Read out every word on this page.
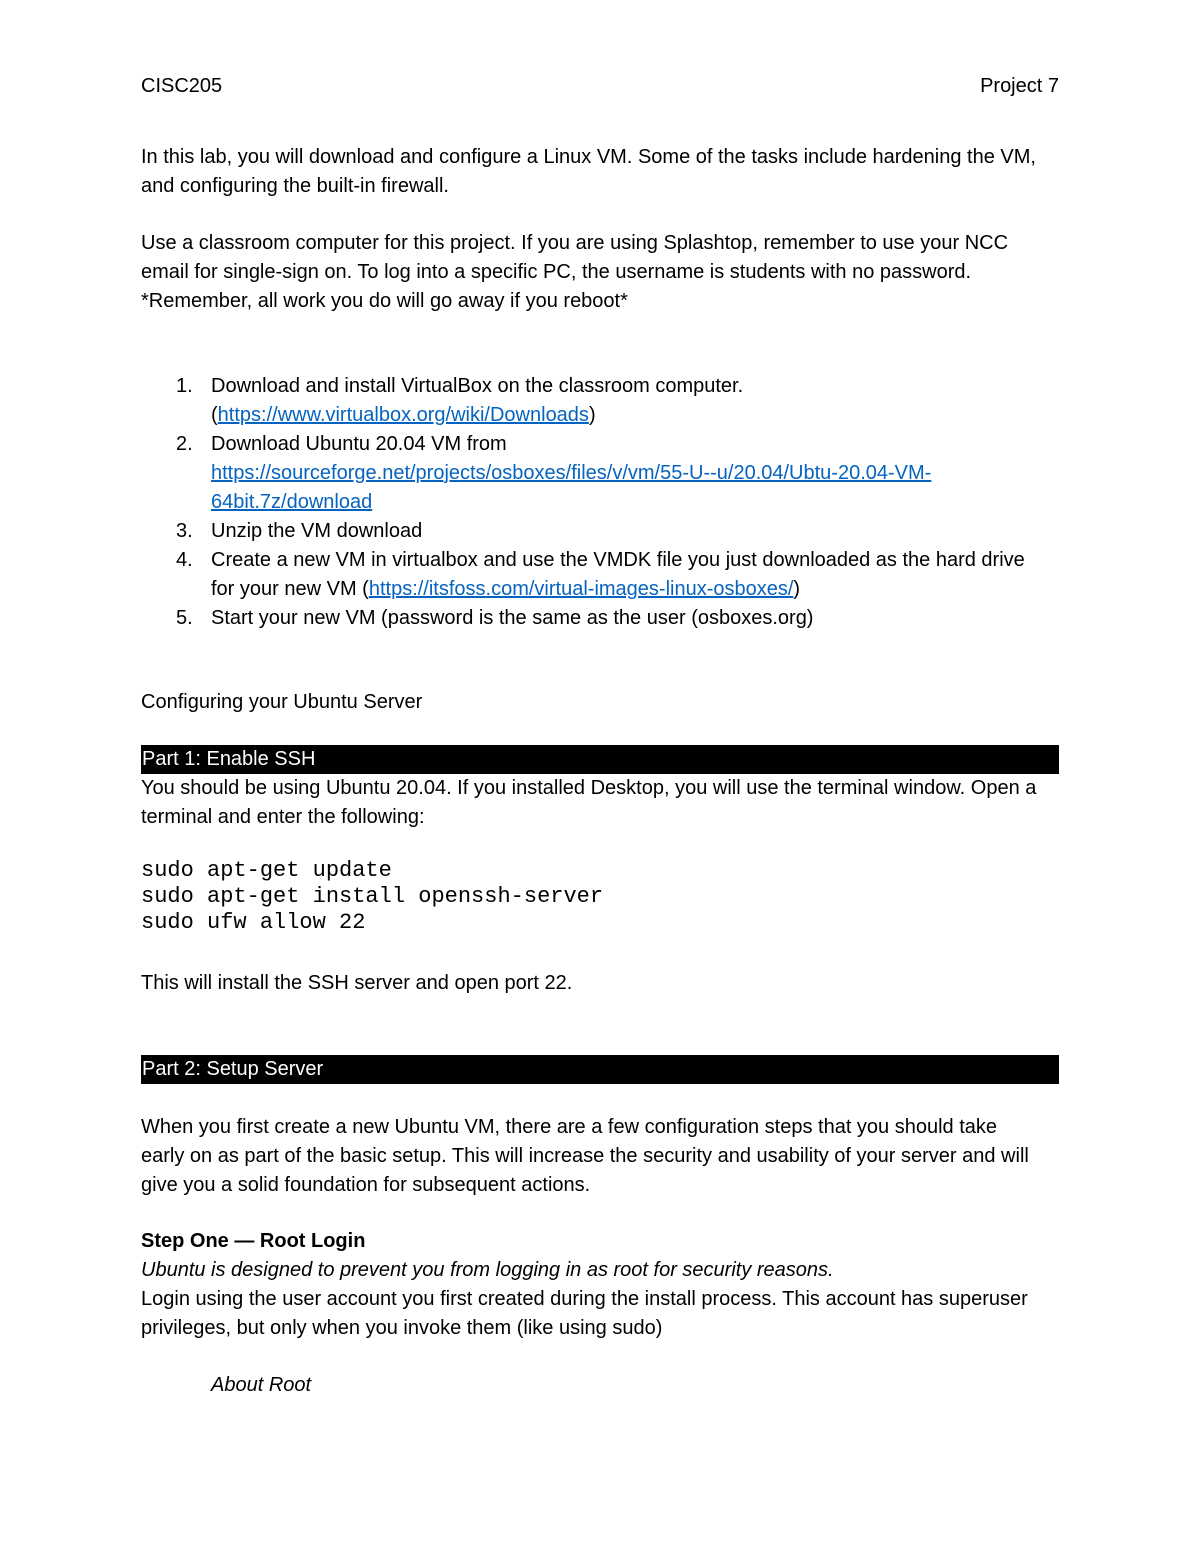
CISC205	Project 7

In this lab, you will download and configure a Linux VM. Some of the tasks include hardening the VM, and configuring the built-in firewall.

Use a classroom computer for this project. If you are using Splashtop, remember to use your NCC email for single-sign on. To log into a specific PC, the username is students with no password.

*Remember, all work you do will go away if you reboot*

1. Download and install VirtualBox on the classroom computer.
(https://www.virtualbox.org/wiki/Downloads)
2. Download Ubuntu 20.04 VM from
https://sourceforge.net/projects/osboxes/files/v/vm/55-U--u/20.04/Ubtu-20.04-VM-
64bit.7z/download
3. Unzip the VM download
4. Create a new VM in virtualbox and use the VMDK file you just downloaded as the hard drive for your new VM (https://itsfoss.com/virtual-images-linux-osboxes/)
5. Start your new VM (password is the same as the user (osboxes.org)
Configuring your Ubuntu Server
Part 1: Enable SSH

You should be using Ubuntu 20.04. If you installed Desktop, you will use the terminal window. Open a terminal and enter the following:

sudo apt-get update
sudo apt-get install openssh-server
sudo ufw allow 22

This will install the SSH server and open port 22.

Part 2: Setup Server

When you first create a new Ubuntu VM, there are a few configuration steps that you should take early on as part of the basic setup. This will increase the security and usability of your server and will give you a solid foundation for subsequent actions.

Step One — Root Login
Ubuntu is designed to prevent you from logging in as root for security reasons.

Login using the user account you first created during the install process. This account has superuser privileges, but only when you invoke them (like using sudo)

About Root
